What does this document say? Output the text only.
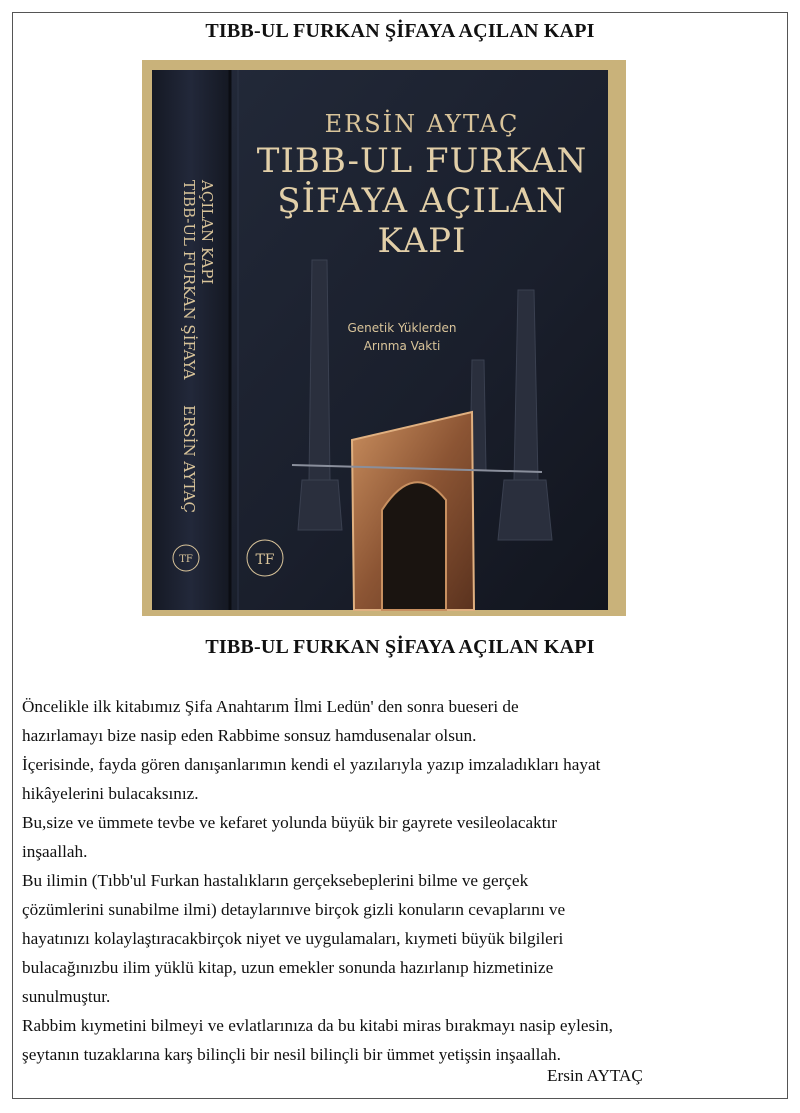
TIBB-UL FURKAN ŞİFAYA AÇILAN KAPI
ERSİN AYTAÇ
TIBB-UL FURKAN
ŞİFAYA AÇILAN
KAPI
Genetik Yüklerden
Arınma Vakti
TIBB-UL FURKAN ŞİFAYA AÇILAN KAPI
ERSİN AYTAÇ
TF	TF
TIBB-UL FURKAN ŞİFAYA AÇILAN KAPI

Öncelikle ilk kitabımız Şifa Anahtarım İlmi Ledün' den sonra bueseri de

hazırlamayı bize nasip eden Rabbime sonsuz hamdusenalar olsun.

İçerisinde, fayda gören danışanlarımın kendi el yazılarıyla yazıp imzaladıkları hayat

hikâyelerini bulacaksınız.

Bu,size ve ümmete tevbe ve kefaret yolunda büyük bir gayrete vesileolacaktır

inşaallah.

Bu ilimin (Tıbb'ul Furkan hastalıkların gerçeksebeplerini bilme ve gerçek

çözümlerini sunabilme ilmi) detaylarınıve birçok gizli konuların cevaplarını ve

hayatınızı kolaylaştıracakbirçok niyet ve uygulamaları, kıymeti büyük bilgileri

bulacağınızbu ilim yüklü kitap, uzun emekler sonunda hazırlanıp hizmetinize

sunulmuştur.

Rabbim kıymetini bilmeyi ve evlatlarınıza da bu kitabi miras bırakmayı nasip eylesin,

şeytanın tuzaklarına karş bilinçli bir nesil bilinçli bir ümmet yetişsin inşaallah.

Ersin AYTAÇ
